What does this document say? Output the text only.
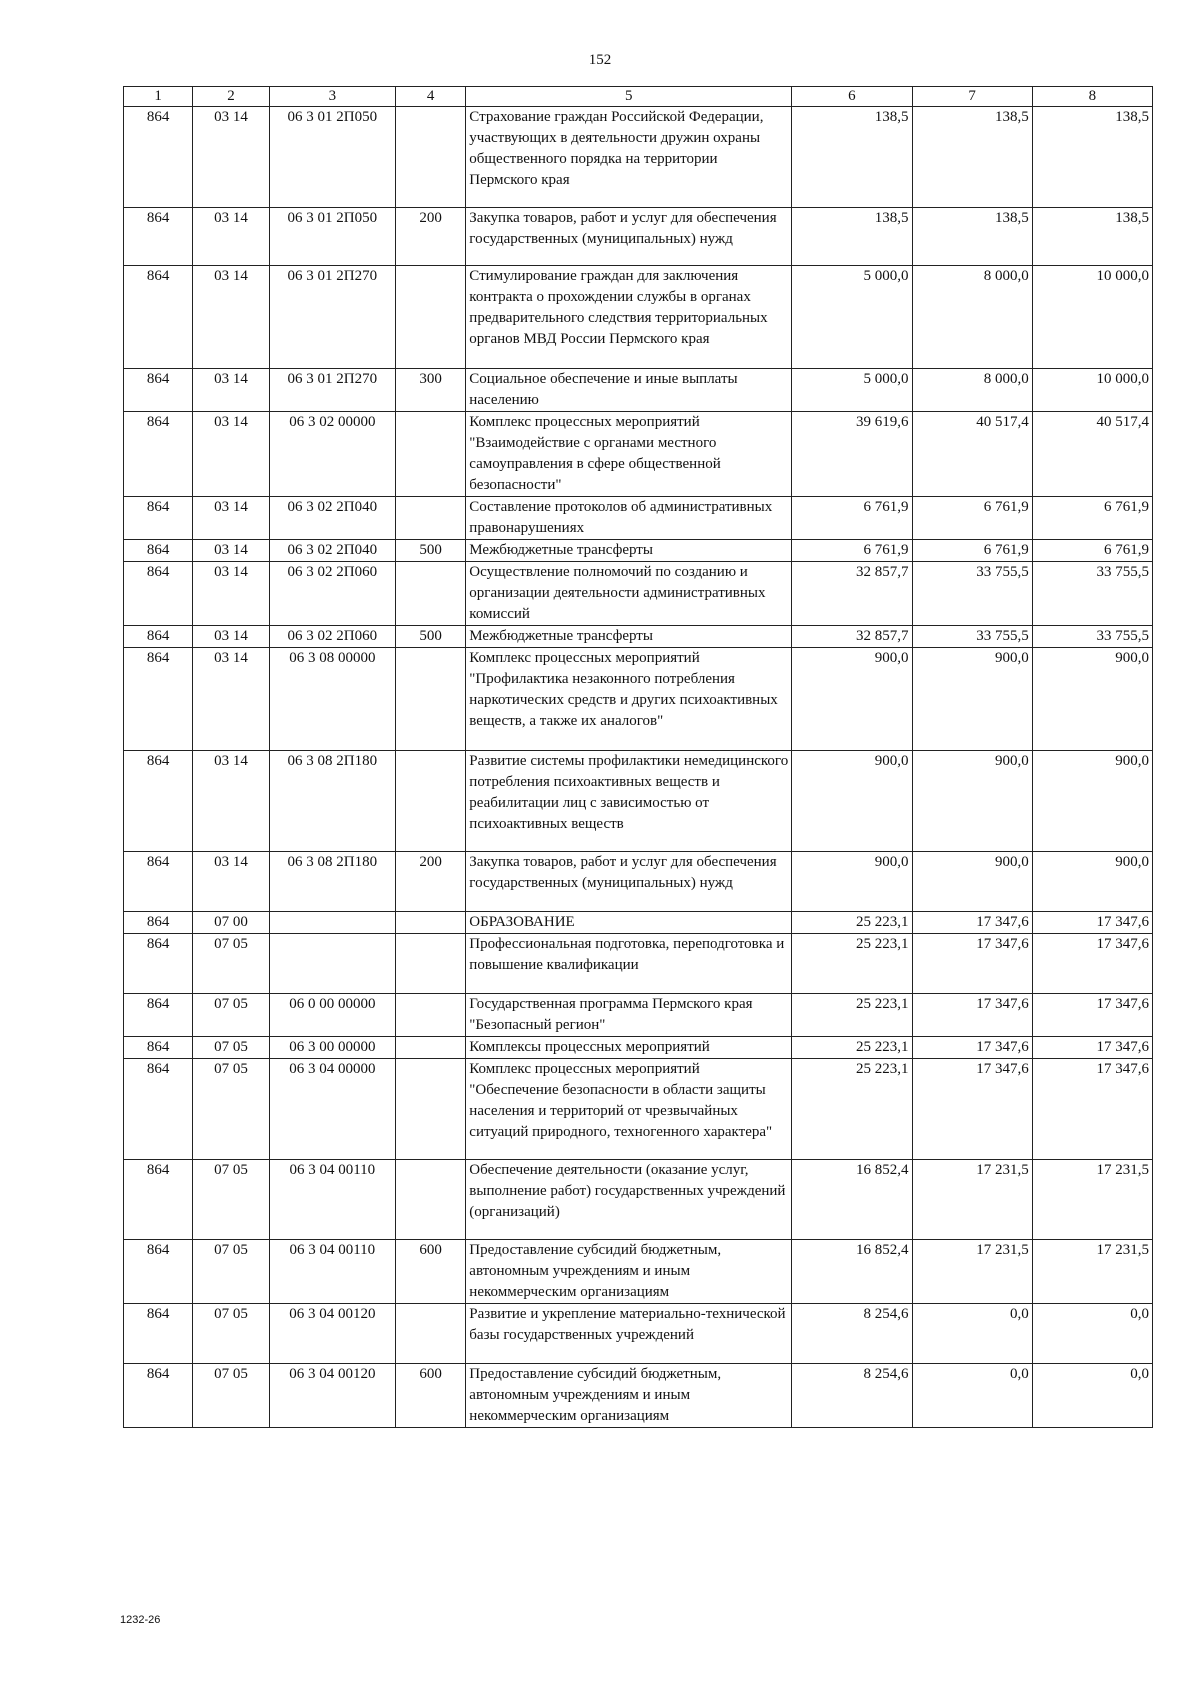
152
1	2	3	4	5	6	7	8
864	03 14	06 3 01 2П050		Страхование граждан Российской Федерации, участвующих в деятельности дружин охраны общественного порядка на территории Пермского края	138,5	138,5	138,5
864	03 14	06 3 01 2П050	200	Закупка товаров, работ и услуг для обеспечения государственных (муниципальных) нужд	138,5	138,5	138,5
864	03 14	06 3 01 2П270		Стимулирование граждан для заключения контракта о прохождении службы в органах предварительного следствия территориальных органов МВД России Пермского края	5 000,0	8 000,0	10 000,0
864	03 14	06 3 01 2П270	300	Социальное обеспечение и иные выплаты населению	5 000,0	8 000,0	10 000,0
864	03 14	06 3 02 00000		Комплекс процессных мероприятий "Взаимодействие с органами местного самоуправления в сфере общественной безопасности"	39 619,6	40 517,4	40 517,4
864	03 14	06 3 02 2П040		Составление протоколов об административных правонарушениях	6 761,9	6 761,9	6 761,9
864	03 14	06 3 02 2П040	500	Межбюджетные трансферты	6 761,9	6 761,9	6 761,9
864	03 14	06 3 02 2П060		Осуществление полномочий по созданию и организации деятельности административных комиссий	32 857,7	33 755,5	33 755,5
864	03 14	06 3 02 2П060	500	Межбюджетные трансферты	32 857,7	33 755,5	33 755,5
864	03 14	06 3 08 00000		Комплекс процессных мероприятий "Профилактика незаконного потребления наркотических средств и других психоактивных веществ, а также их аналогов"	900,0	900,0	900,0
864	03 14	06 3 08 2П180		Развитие системы профилактики немедицинского потребления психоактивных веществ и реабилитации лиц с зависимостью от психоактивных веществ	900,0	900,0	900,0
864	03 14	06 3 08 2П180	200	Закупка товаров, работ и услуг для обеспечения государственных (муниципальных) нужд	900,0	900,0	900,0
864	07 00			ОБРАЗОВАНИЕ	25 223,1	17 347,6	17 347,6
864	07 05			Профессиональная подготовка, переподготовка и повышение квалификации	25 223,1	17 347,6	17 347,6
864	07 05	06 0 00 00000		Государственная программа Пермского края "Безопасный регион"	25 223,1	17 347,6	17 347,6
864	07 05	06 3 00 00000		Комплексы процессных мероприятий	25 223,1	17 347,6	17 347,6
864	07 05	06 3 04 00000		Комплекс процессных мероприятий "Обеспечение безопасности в области защиты населения и территорий от чрезвычайных ситуаций природного, техногенного характера"	25 223,1	17 347,6	17 347,6
864	07 05	06 3 04 00110		Обеспечение деятельности (оказание услуг, выполнение работ) государственных учреждений (организаций)	16 852,4	17 231,5	17 231,5
864	07 05	06 3 04 00110	600	Предоставление субсидий бюджетным, автономным учреждениям и иным некоммерческим организациям	16 852,4	17 231,5	17 231,5
864	07 05	06 3 04 00120		Развитие и укрепление материально-технической базы государственных учреждений	8 254,6	0,0	0,0
864	07 05	06 3 04 00120	600	Предоставление субсидий бюджетным, автономным учреждениям и иным некоммерческим организациям	8 254,6	0,0	0,0
1232-26
